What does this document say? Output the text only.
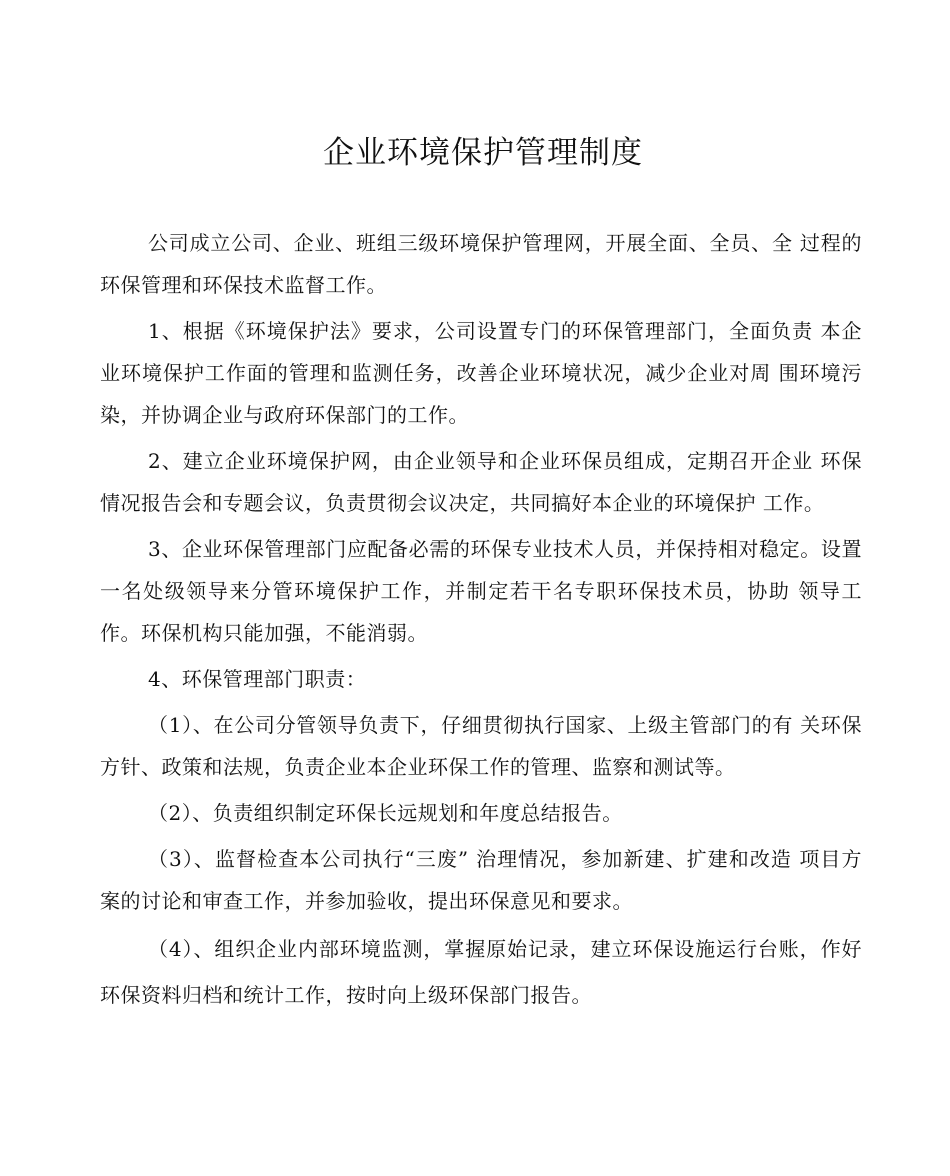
企业环境保护管理制度

公司成立公司、企业、班组三级环境保护管理网，开展全面、全员、全 过程的环保管理和环保技术监督工作。

1、根据《环境保护法》要求，公司设置专门的环保管理部门，全面负责 本企业环境保护工作面的管理和监测任务，改善企业环境状况，减少企业对周 围环境污染，并协调企业与政府环保部门的工作。

2、建立企业环境保护网，由企业领导和企业环保员组成，定期召开企业 环保情况报告会和专题会议，负责贯彻会议决定，共同搞好本企业的环境保护 工作。

3、企业环保管理部门应配备必需的环保专业技术人员，并保持相对稳定。设置一名处级领导来分管环境保护工作，并制定若干名专职环保技术员，协助 领导工作。环保机构只能加强，不能消弱。

4、环保管理部门职责：

（1）、在公司分管领导负责下，仔细贯彻执行国家、上级主管部门的有 关环保方针、政策和法规，负责企业本企业环保工作的管理、监察和测试等。

（2）、负责组织制定环保长远规划和年度总结报告。

（3）、监督检查本公司执行“三废” 治理情况，参加新建、扩建和改造 项目方案的讨论和审查工作，并参加验收，提出环保意见和要求。

（4）、组织企业内部环境监测，掌握原始记录，建立环保设施运行台账，作好环保资料归档和统计工作，按时向上级环保部门报告。
